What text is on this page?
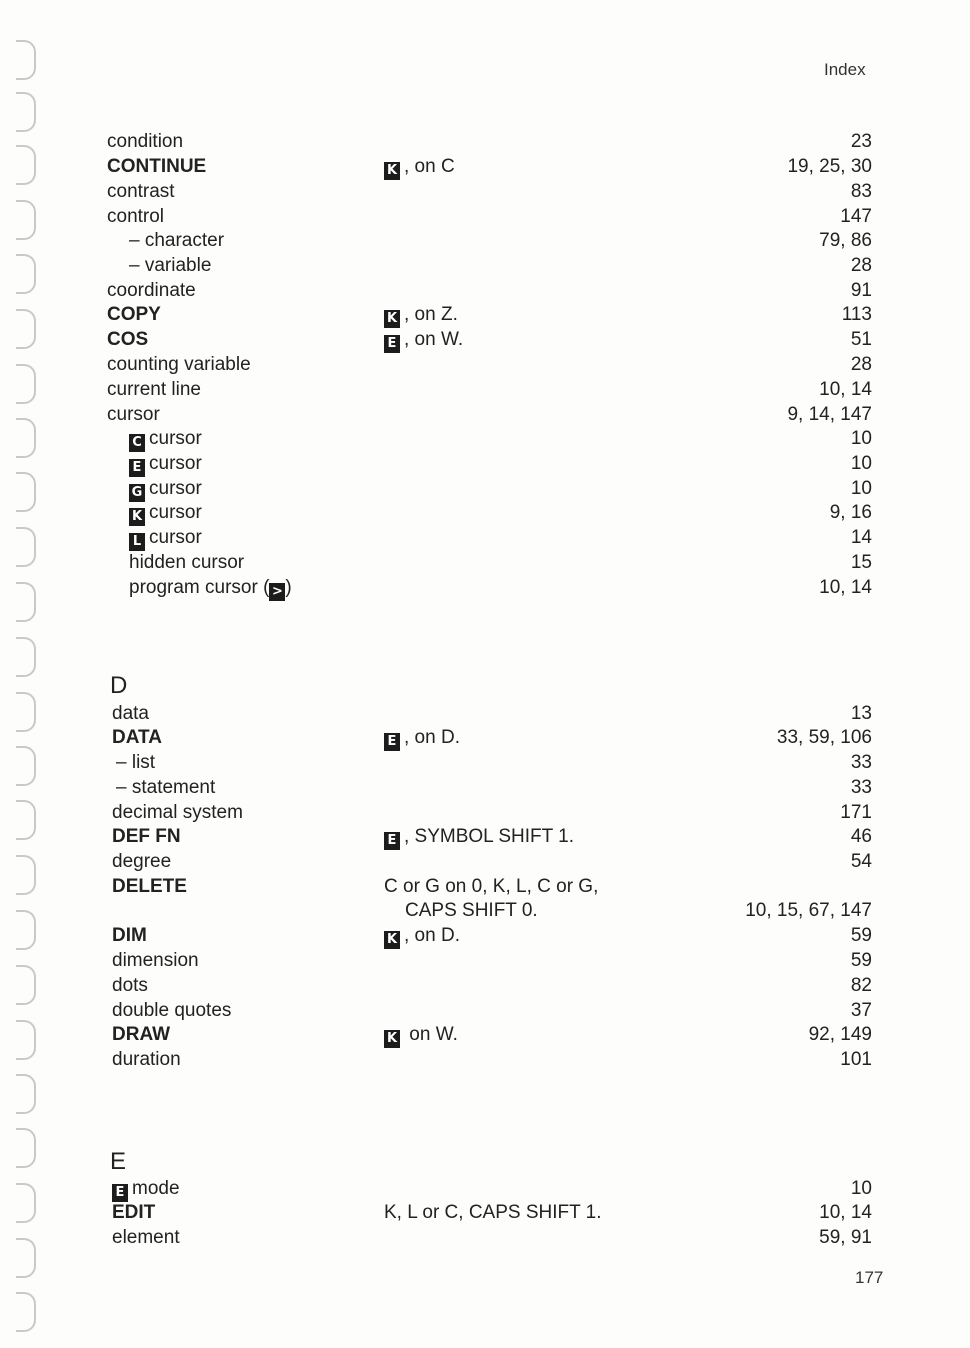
Index
condition	23
CONTINUE	K , on C	19, 25, 30
contrast	83
control	147
– character	79, 86
– variable	28
coordinate	91
COPY	K , on Z.	113
COS	E , on W.	51
counting variable	28
current line	10, 14
cursor	9, 14, 147
C cursor	10
E cursor	10
G cursor	10
K cursor	9, 16
L cursor	14
hidden cursor	15
program cursor ( > )	10, 14
D
data	13
DATA	E , on D.	33, 59, 106
– list	33
– statement	33
decimal system	171
DEF FN	E , SYMBOL SHIFT 1.	46
degree	54
DELETE	C or G on 0, K, L, C or G,
CAPS SHIFT 0.	10, 15, 67, 147
DIM	K , on D.	59
dimension	59
dots	82
double quotes	37
DRAW	K on W.	92, 149
duration	101
E
E mode	10
EDIT	K, L or C, CAPS SHIFT 1.	10, 14
element	59, 91
177
